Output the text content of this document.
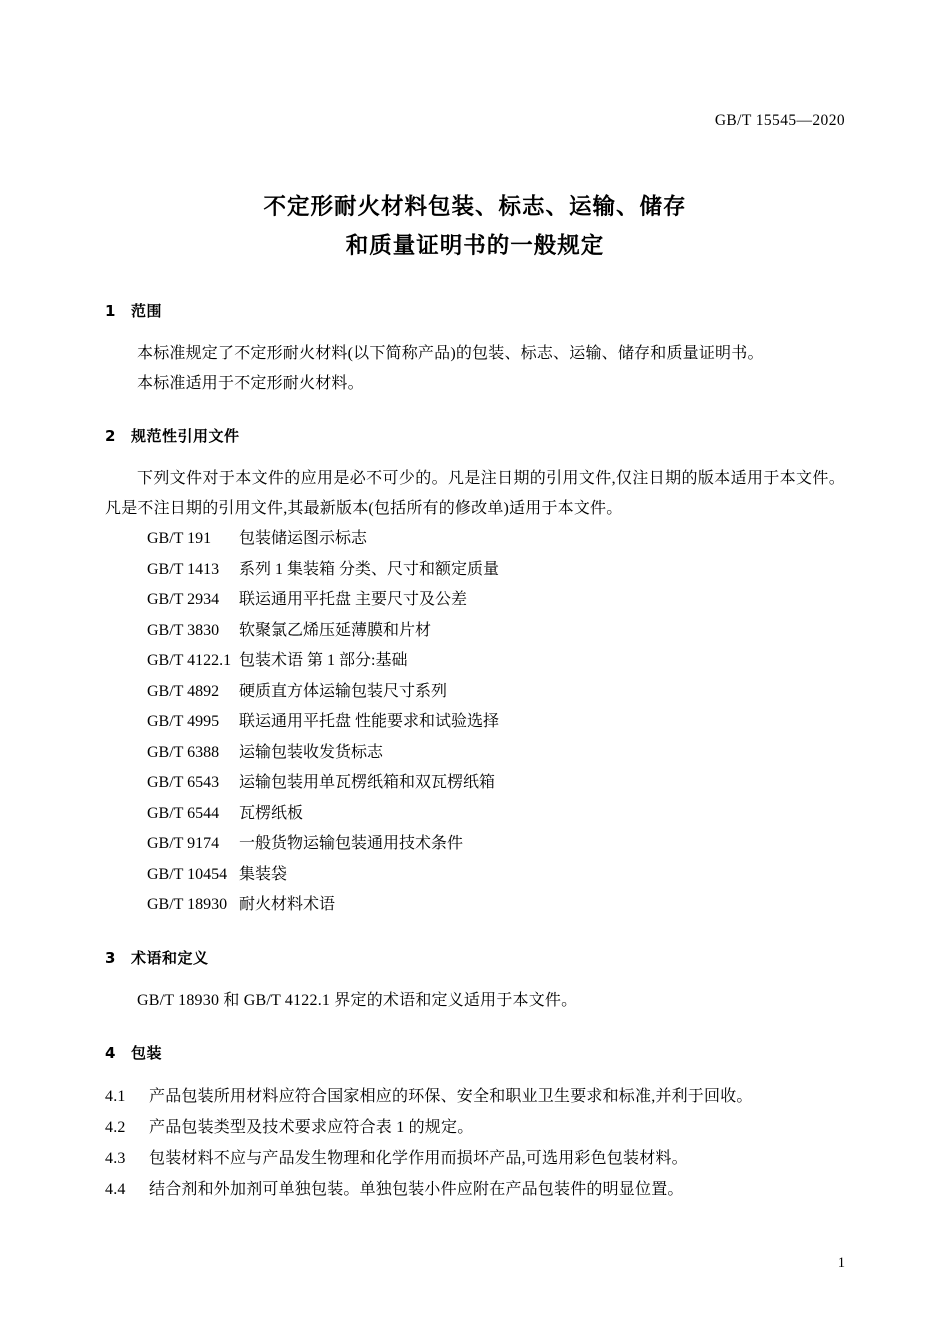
GB/T 15545—2020
不定形耐火材料包装、标志、运输、储存
和质量证明书的一般规定
1 范围

本标准规定了不定形耐火材料(以下简称产品)的包装、标志、运输、储存和质量证明书。

本标准适用于不定形耐火材料。

2 规范性引用文件

下列文件对于本文件的应用是必不可少的。凡是注日期的引用文件,仅注日期的版本适用于本文件。凡是不注日期的引用文件,其最新版本(包括所有的修改单)适用于本文件。

GB/T 191 包装储运图示标志
GB/T 1413 系列 1 集装箱 分类、尺寸和额定质量
GB/T 2934 联运通用平托盘 主要尺寸及公差
GB/T 3830 软聚氯乙烯压延薄膜和片材
GB/T 4122.1 包装术语 第 1 部分:基础
GB/T 4892 硬质直方体运输包装尺寸系列
GB/T 4995 联运通用平托盘 性能要求和试验选择
GB/T 6388 运输包装收发货标志
GB/T 6543 运输包装用单瓦楞纸箱和双瓦楞纸箱
GB/T 6544 瓦楞纸板
GB/T 9174 一般货物运输包装通用技术条件
GB/T 10454 集装袋
GB/T 18930 耐火材料术语
3 术语和定义

GB/T 18930 和 GB/T 4122.1 界定的术语和定义适用于本文件。

4 包装
4.1 产品包装所用材料应符合国家相应的环保、安全和职业卫生要求和标准,并利于回收。
4.2 产品包装类型及技术要求应符合表 1 的规定。
4.3 包装材料不应与产品发生物理和化学作用而损坏产品,可选用彩色包装材料。
4.4 结合剂和外加剂可单独包装。单独包装小件应附在产品包装件的明显位置。
1
